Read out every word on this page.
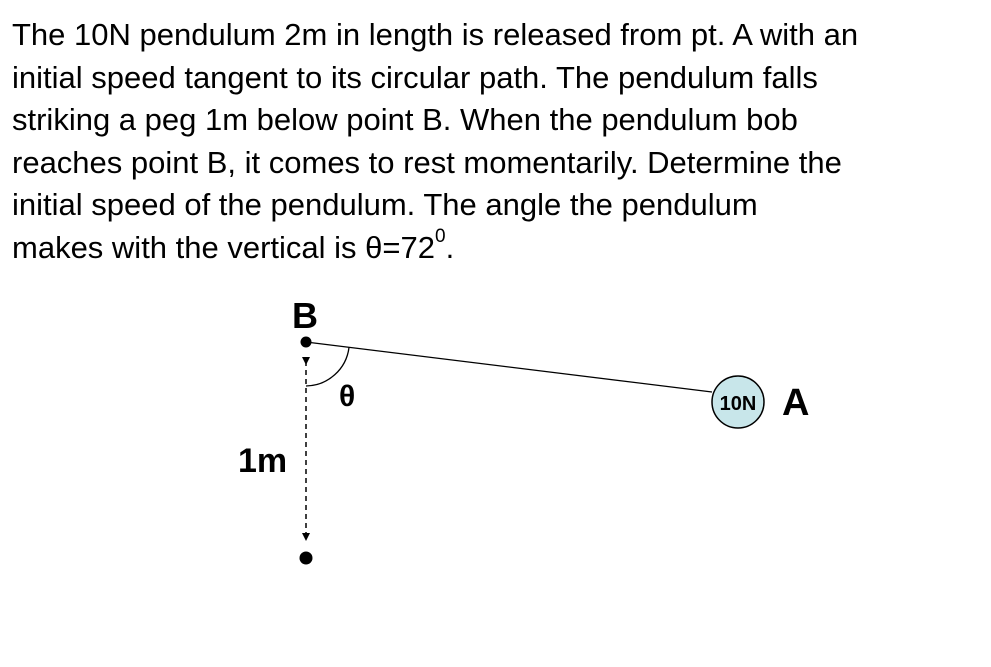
The 10N pendulum 2m in length is released from pt. A with an
initial speed tangent to its circular path. The pendulum falls
striking a peg 1m below point B. When the pendulum bob
reaches point B, it comes to rest momentarily. Determine the
initial speed of the pendulum. The angle the pendulum
makes with the vertical is $\theta=72^0$.
B
θ
1m
10N A
